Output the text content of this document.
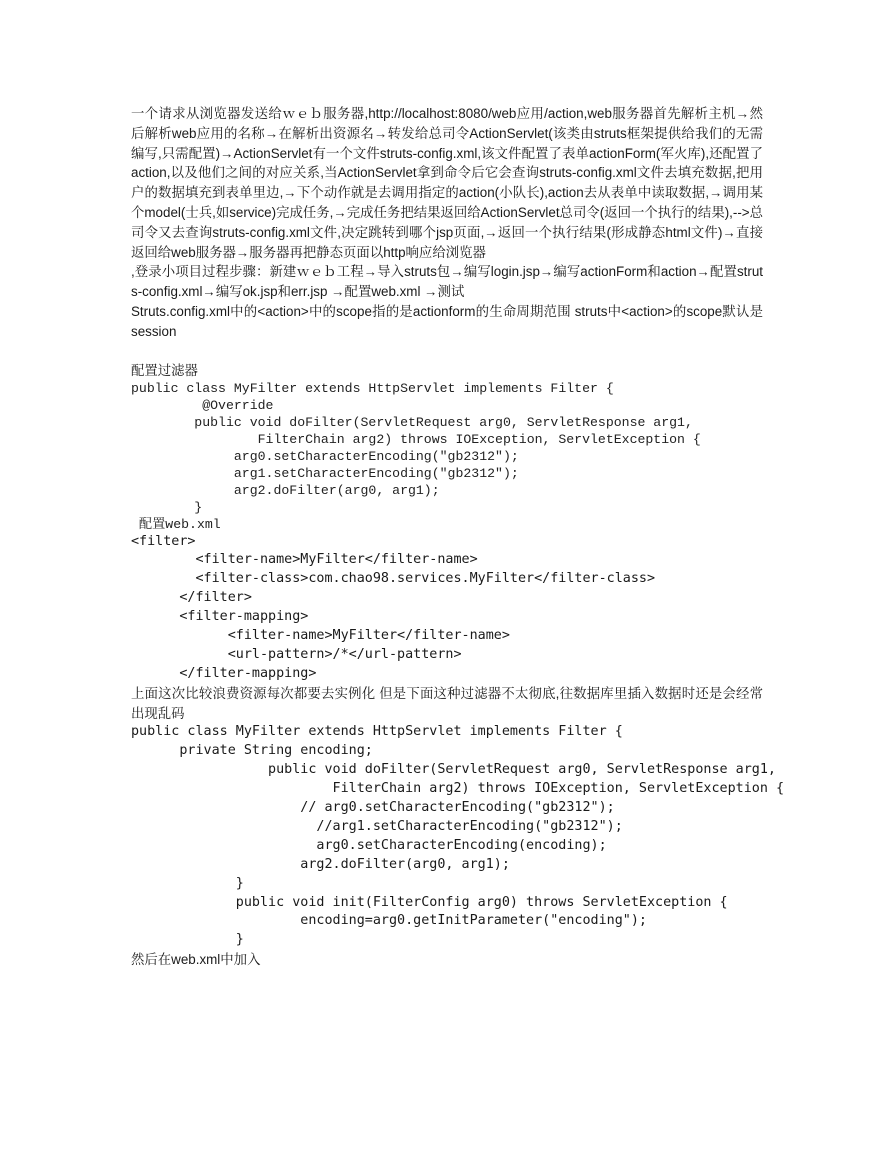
一个请求从浏览器发送给ｗｅｂ服务器,http://localhost:8080/web应用/action,web服务器首先解析主机→然后解析web应用的名称→在解析出资源名→转发给总司令ActionServlet(该类由struts框架提供给我们的无需编写,只需配置)→ActionServlet有一个文件struts-config.xml,该文件配置了表单actionForm(军火库),还配置了action,以及他们之间的对应关系,当ActionServlet拿到命令后它会查询struts-config.xml文件去填充数据,把用户的数据填充到表单里边,→下个动作就是去调用指定的action(小队长),action去从表单中读取数据,→调用某个model(士兵,如service)完成任务,→完成任务把结果返回给ActionServlet总司令(返回一个执行的结果),-->总司令又去查询struts-config.xml文件,决定跳转到哪个jsp页面,→返回一个执行结果(形成静态html文件)→直接返回给web服务器→服务器再把静态页面以http响应给浏览器

,登录小项目过程步骤：新建ｗｅｂ工程→导入struts包→编写login.jsp→编写actionForm和action→配置struts-config.xml→编写ok.jsp和err.jsp →配置web.xml →测试

Struts.config.xml中的<action>中的scope指的是actionform的生命周期范围 struts中<action>的scope默认是session

配置过滤器

public class MyFilter extends HttpServlet implements Filter {
@Override
public void doFilter(ServletRequest arg0, ServletResponse arg1,
FilterChain arg2) throws IOException, ServletException {
arg0.setCharacterEncoding("gb2312");
arg1.setCharacterEncoding("gb2312");
arg2.doFilter(arg0, arg1);
}
配置web.xml
<filter>
<filter-name>MyFilter</filter-name>
<filter-class>com.chao98.services.MyFilter</filter-class>
</filter>
<filter-mapping>
<filter-name>MyFilter</filter-name>
<url-pattern>/*</url-pattern>
</filter-mapping>

上面这次比较浪费资源每次都要去实例化 但是下面这种过滤器不太彻底,往数据库里插入数据时还是会经常出现乱码

public class MyFilter extends HttpServlet implements Filter {
private String encoding;
public void doFilter(ServletRequest arg0, ServletResponse arg1,
FilterChain arg2) throws IOException, ServletException {
// arg0.setCharacterEncoding("gb2312");
//arg1.setCharacterEncoding("gb2312");
arg0.setCharacterEncoding(encoding);
arg2.doFilter(arg0, arg1);
}
public void init(FilterConfig arg0) throws ServletException {
encoding=arg0.getInitParameter("encoding");
}

然后在web.xml中加入
